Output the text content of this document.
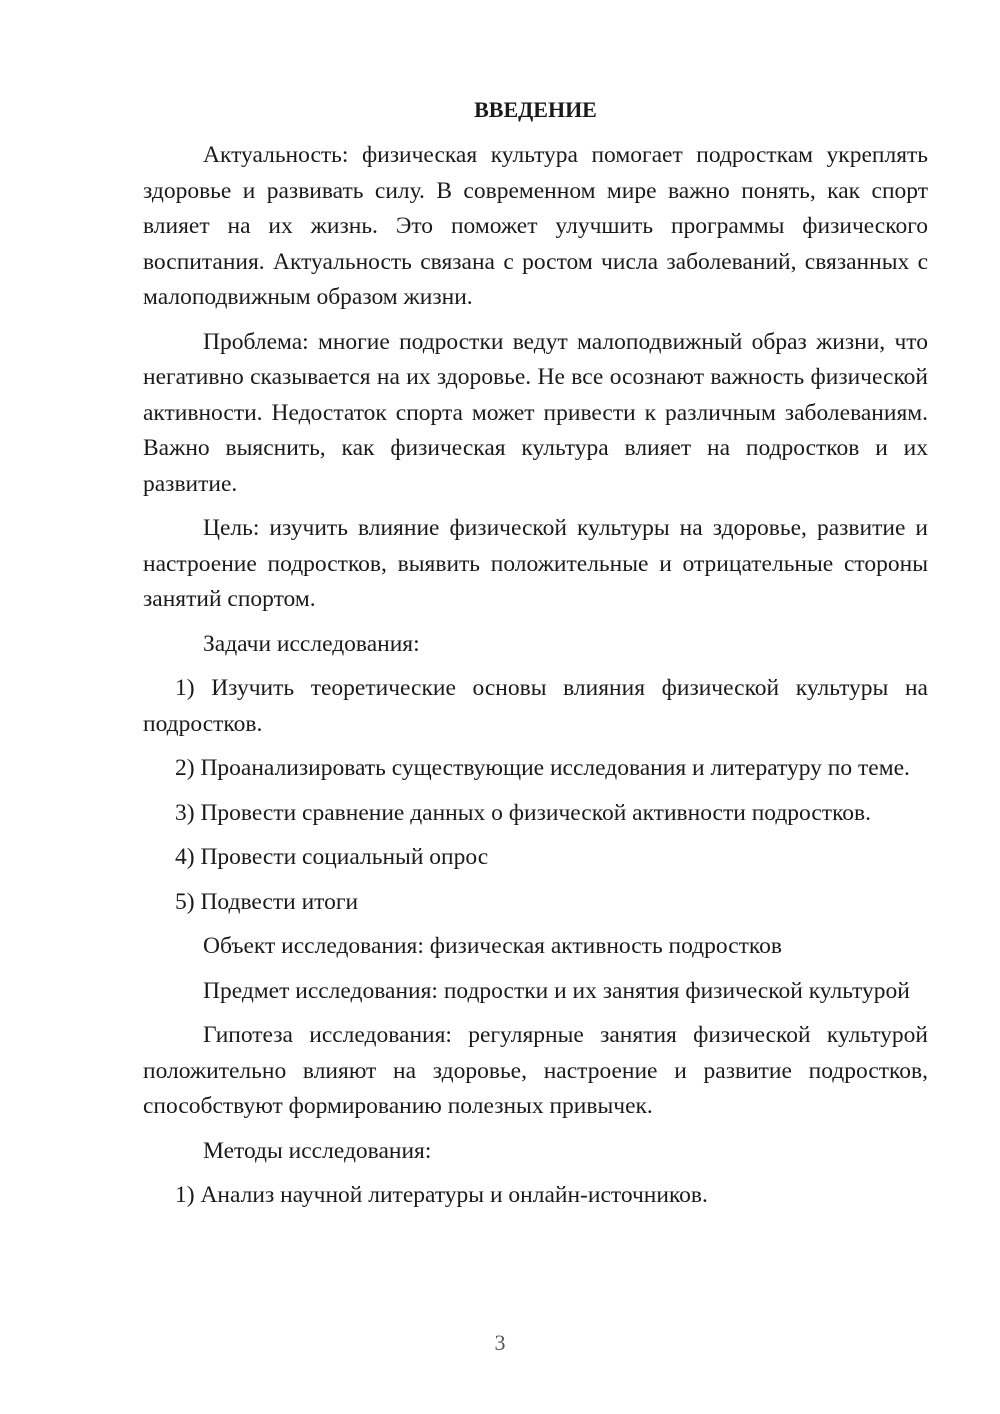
ВВЕДЕНИЕ

Актуальность: физическая культура помогает подросткам укреплять здоровье и развивать силу. В современном мире важно понять, как спорт влияет на их жизнь. Это поможет улучшить программы физического воспитания. Актуальность связана с ростом числа заболеваний, связанных с малоподвижным образом жизни.

Проблема: многие подростки ведут малоподвижный образ жизни, что негативно сказывается на их здоровье. Не все осознают важность физической активности. Недостаток спорта может привести к различным заболеваниям. Важно выяснить, как физическая культура влияет на подростков и их развитие.

Цель: изучить влияние физической культуры на здоровье, развитие и настроение подростков, выявить положительные и отрицательные стороны занятий спортом.

Задачи исследования:

1) Изучить теоретические основы влияния физической культуры на подростков.

2) Проанализировать существующие исследования и литературу по теме.

3) Провести сравнение данных о физической активности подростков.

4) Провести социальный опрос

5) Подвести итоги

Объект исследования: физическая активность подростков

Предмет исследования: подростки и их занятия физической культурой

Гипотеза исследования: регулярные занятия физической культурой положительно влияют на здоровье, настроение и развитие подростков, способствуют формированию полезных привычек.

Методы исследования:

1) Анализ научной литературы и онлайн-источников.

3
